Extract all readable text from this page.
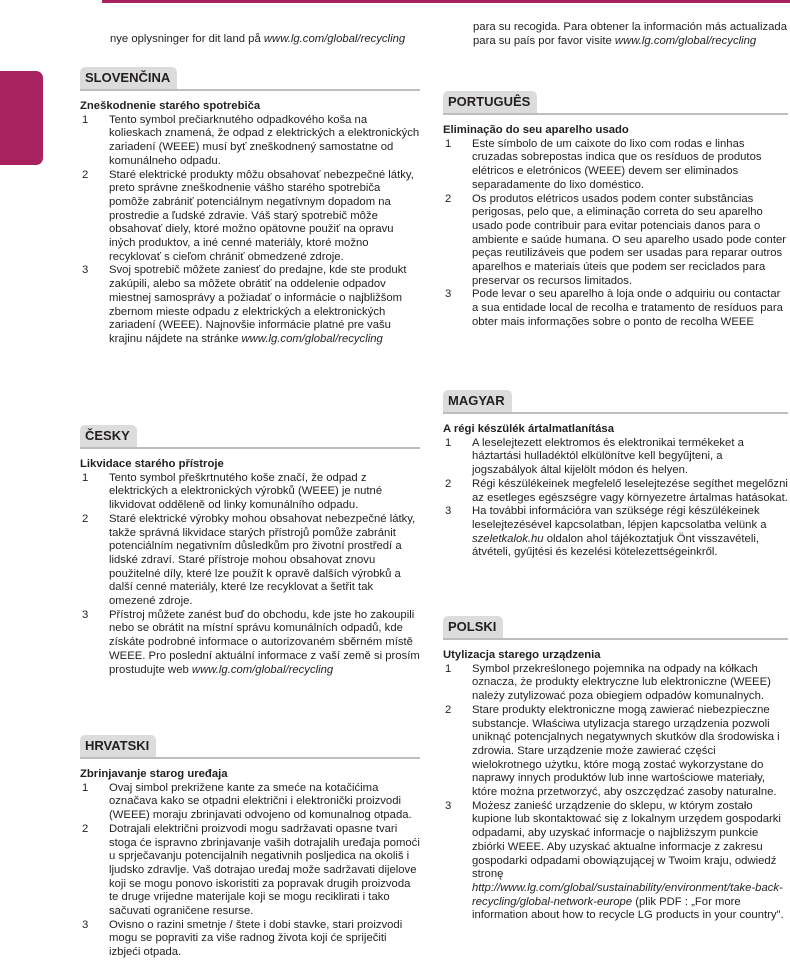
nye oplysninger for dit land på www.lg.com/global/recycling
SLOVENČINA
Zneškodnenie starého spotrebiča
1 Tento symbol prečiarknutého odpadkového koša na kolieskach znamená, že odpad z elektrických a elektronických zariadení (WEEE) musí byť zneškodnený samostatne od komunálneho odpadu.
2 Staré elektrické produkty môžu obsahovať nebezpečné látky, preto správne zneškodnenie vášho starého spotrebiča pomôže zabrániť potenciálnym negatívnym dopadom na prostredie a ľudské zdravie. Váš starý spotrebič môže obsahovať diely, ktoré možno opätovne použiť na opravu iných produktov, a iné cenné materiály, ktoré možno recyklovať s cieľom chrániť obmedzené zdroje.
3 Svoj spotrebič môžete zaniesť do predajne, kde ste produkt zakúpili, alebo sa môžete obrátiť na oddelenie odpadov miestnej samosprávy a požiadať o informácie o najbližšom zbernom mieste odpadu z elektrických a elektronických zariadení (WEEE). Najnovšie informácie platné pre vašu krajinu nájdete na stránke www.lg.com/global/recycling
ČESKY
Likvidace starého přístroje
1 Tento symbol přeškrtnutého koše značí, že odpad z elektrických a elektronických výrobků (WEEE) je nutné likvidovat odděleně od linky komunálního odpadu.
2 Staré elektrické výrobky mohou obsahovat nebezpečné látky, takže správná likvidace starých přístrojů pomůže zabránit potenciálním negativním důsledkům pro životní prostředí a lidské zdraví. Staré přístroje mohou obsahovat znovu použitelné díly, které lze použít k opravě dalších výrobků a další cenné materiály, které lze recyklovat a šetřit tak omezené zdroje.
3 Přístroj můžete zanést buď do obchodu, kde jste ho zakoupili nebo se obrátit na místní správu komunálních odpadů, kde získáte podrobné informace o autorizovaném sběrném místě WEEE. Pro poslední aktuální informace z vaší země si prosím prostudujte web www.lg.com/global/recycling
HRVATSKI
Zbrinjavanje starog uređaja
1 Ovaj simbol prekrižene kante za smeće na kotačićima označava kako se otpadni električni i elektronički proizvodi (WEEE) moraju zbrinjavati odvojeno od komunalnog otpada.
2 Dotrajali električni proizvodi mogu sadržavati opasne tvari stoga će ispravno zbrinjavanje vaših dotrajalih uređaja pomoći u sprječavanju potencijalnih negativnih posljedica na okoliš i ljudsko zdravlje. Vaš dotrajao uređaj može sadržavati dijelove koji se mogu ponovo iskoristiti za popravak drugih proizvoda te druge vrijedne materijale koji se mogu reciklirati i tako sačuvati ograničene resurse.
3 Ovisno o razini smetnje / štete i dobi stavke, stari proizvodi mogu se popraviti za više radnog života koji će spriječiti izbjeći otpada.
para su recogida. Para obtener la información más actualizada
para su país por favor visite www.lg.com/global/recycling
PORTUGUÊS
Eliminação do seu aparelho usado
1 Este símbolo de um caixote do lixo com rodas e linhas cruzadas sobrepostas indica que os resíduos de produtos elétricos e eletrónicos (WEEE) devem ser eliminados separadamente do lixo doméstico.
2 Os produtos elétricos usados podem conter substâncias perigosas, pelo que, a eliminação correta do seu aparelho usado pode contribuir para evitar potenciais danos para o ambiente e saúde humana. O seu aparelho usado pode conter peças reutilizáveis que podem ser usadas para reparar outros aparelhos e materiais úteis que podem ser reciclados para preservar os recursos limitados.
3 Pode levar o seu aparelho à loja onde o adquiriu ou contactar a sua entidade local de recolha e tratamento de resíduos para obter mais informações sobre o ponto de recolha WEEE
MAGYAR
A régi készülék ártalmatlanítása
1 A leselejtezett elektromos és elektronikai termékeket a háztartási hulladéktól elkülönítve kell begyűjteni, a jogszabályok által kijelölt módon és helyen.
2 Régi készülékeinek megfelelő leselejtezése segíthet megelőzni az esetleges egészségre vagy környezetre ártalmas hatásokat.
3 Ha további információra van szüksége régi készülékeinek leselejtezésével kapcsolatban, lépjen kapcsolatba velünk a szeletkalok.hu oldalon ahol tájékoztatjuk Önt visszavételi, átvételi, gyűjtési és kezelési kötelezettségeinkről.
POLSKI
Utylizacja starego urządzenia
1 Symbol przekreślonego pojemnika na odpady na kółkach oznacza, że produkty elektryczne lub elektroniczne (WEEE) należy zutylizować poza obiegiem odpadów komunalnych.
2 Stare produkty elektroniczne mogą zawierać niebezpieczne substancje. Właściwa utylizacja starego urządzenia pozwoli uniknąć potencjalnych negatywnych skutków dla środowiska i zdrowia. Stare urządzenie może zawierać części wielokrotnego użytku, które mogą zostać wykorzystane do naprawy innych produktów lub inne wartościowe materiały, które można przetworzyć, aby oszczędzać zasoby naturalne.
3 Możesz zanieść urządzenie do sklepu, w którym zostało kupione lub skontaktować się z lokalnym urzędem gospodarki odpadami, aby uzyskać informacje o najbliższym punkcie zbiórki WEEE. Aby uzyskać aktualne informacje z zakresu gospodarki odpadami obowiązującej w Twoim kraju, odwiedź stronę http://www.lg.com/global/sustainability/environment/take-back-recycling/global-network-europe (plik PDF : „For more information about how to recycle LG products in your country".
